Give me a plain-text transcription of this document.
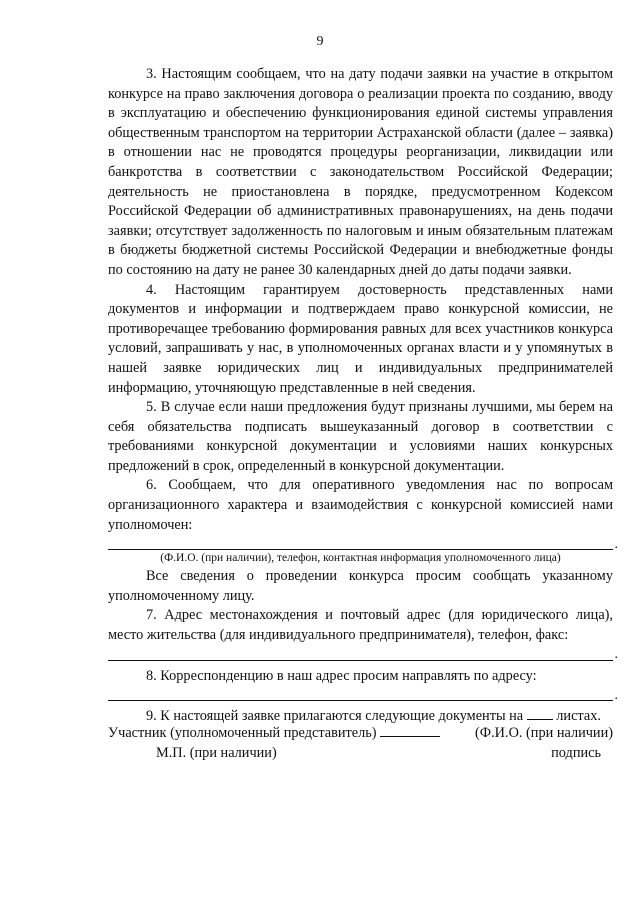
9

3. Настоящим сообщаем, что на дату подачи заявки на участие в открытом конкурсе на право заключения договора о реализации проекта по созданию, вводу в эксплуатацию и обеспечению функционирования единой системы управления общественным транспортом на территории Астраханской области (далее – заявка) в отношении нас не проводятся процедуры реорганизации, ликвидации или банкротства в соответствии с законодательством Российской Федерации; деятельность не приостановлена в порядке, предусмотренном Кодексом Российской Федерации об административных правонарушениях, на день подачи заявки; отсутствует задолженность по налоговым и иным обязательным платежам в бюджеты бюджетной системы Российской Федерации и внебюджетные фонды по состоянию на дату не ранее 30 календарных дней до даты подачи заявки.

4. Настоящим гарантируем достоверность представленных нами документов и информации и подтверждаем право конкурсной комиссии, не противоречащее требованию формирования равных для всех участников конкурса условий, запрашивать у нас, в уполномоченных органах власти и у упомянутых в нашей заявке юридических лиц и индивидуальных предпринимателей информацию, уточняющую представленные в ней сведения.

5. В случае если наши предложения будут признаны лучшими, мы берем на себя обязательства подписать вышеуказанный договор в соответствии с требованиями конкурсной документации и условиями наших конкурсных предложений в срок, определенный в конкурсной документации.

6. Сообщаем, что для оперативного уведомления нас по вопросам организационного характера и взаимодействия с конкурсной комиссией нами уполномочен:

.

(Ф.И.О. (при наличии), телефон, контактная информация уполномоченного лица)

Все сведения о проведении конкурса просим сообщать указанному уполномоченному лицу.

7. Адрес местонахождения и почтовый адрес (для юридического лица), место жительства (для индивидуального предпринимателя), телефон, факс:

.

8. Корреспонденцию в наш адрес просим направлять по адресу:

.

9. К настоящей заявке прилагаются следующие документы на листах.

Участник (уполномоченный представитель)	(Ф.И.О. (при наличии)
М.П. (при наличии)	подпись
